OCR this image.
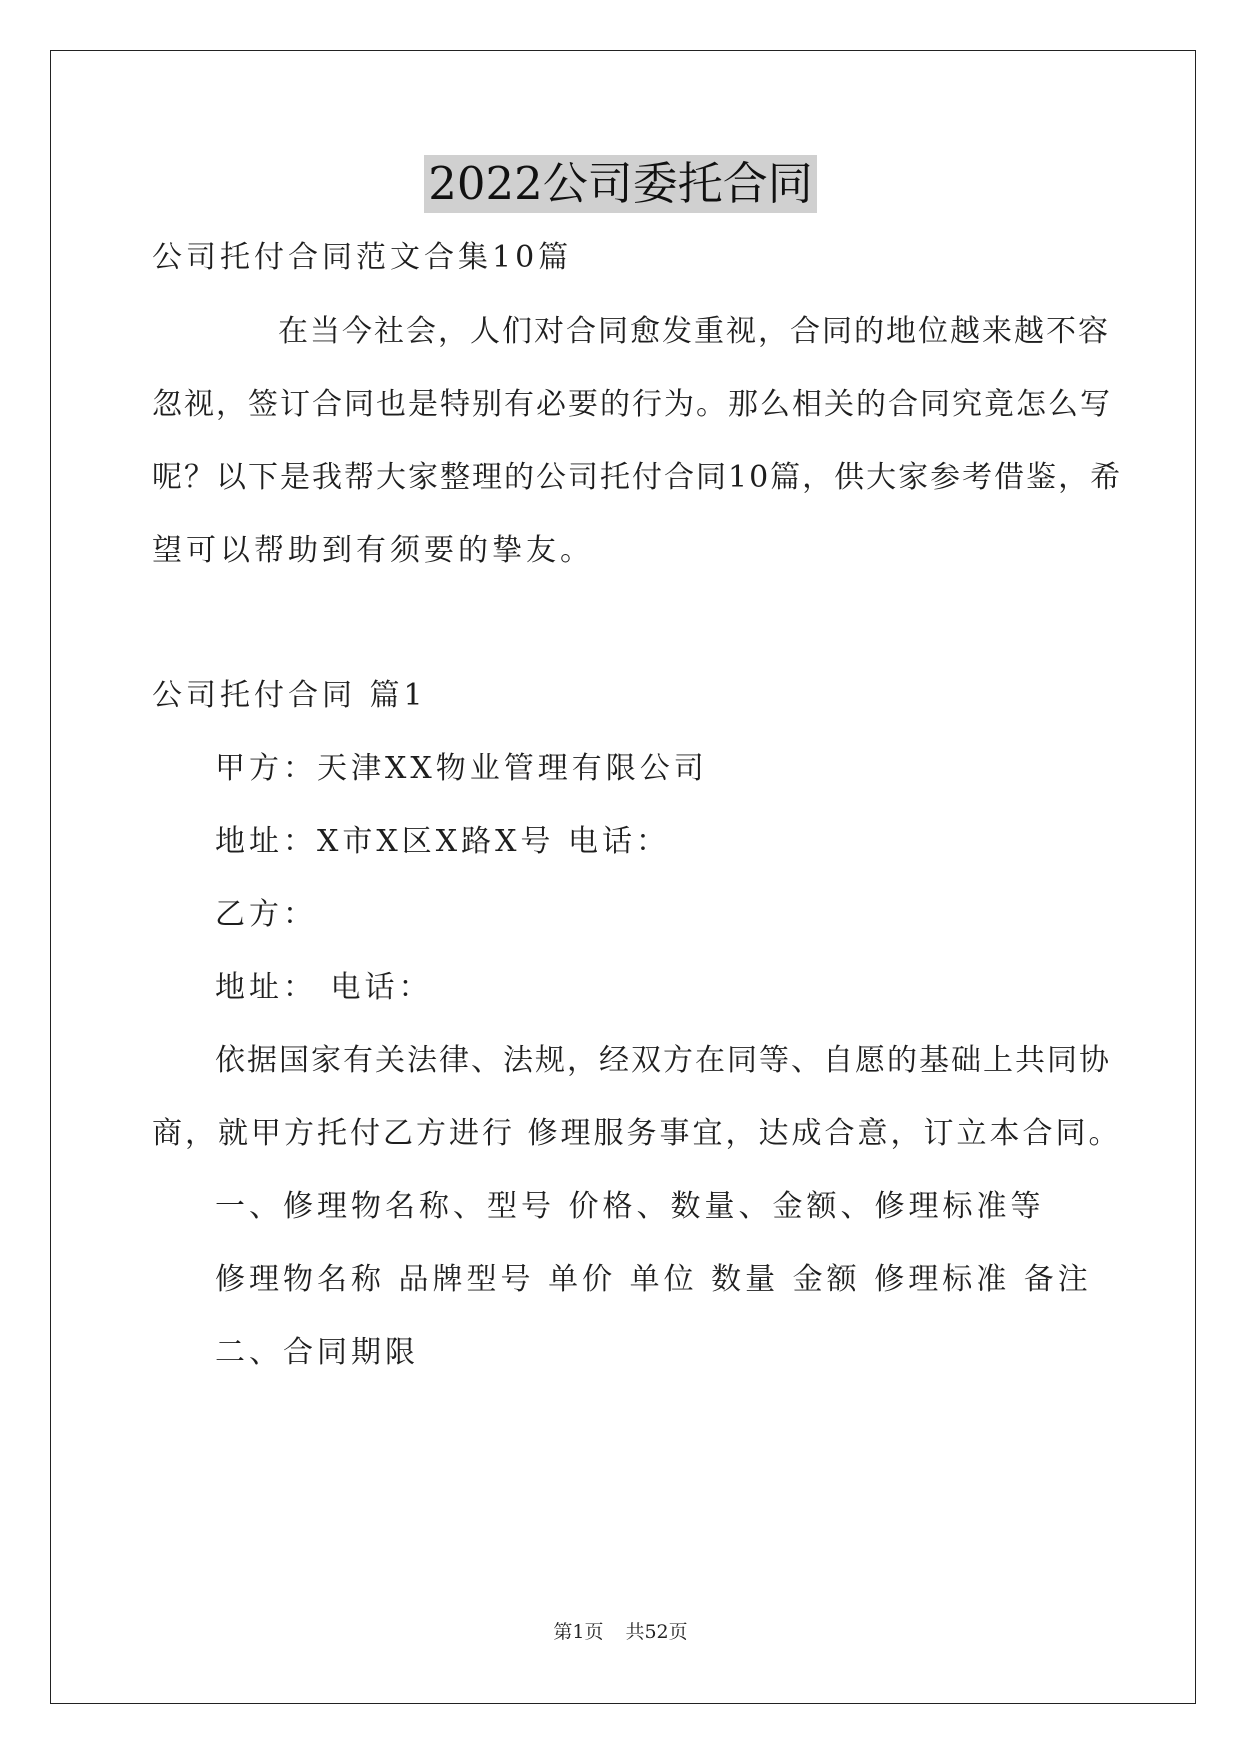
2022公司委托合同
公司托付合同范文合集10篇
在当今社会，人们对合同愈发重视，合同的地位越来越不容
忽视，签订合同也是特别有必要的行为。那么相关的合同究竟怎么写
呢？以下是我帮大家整理的公司托付合同10篇，供大家参考借鉴，希
望可以帮助到有须要的挚友。
公司托付合同 篇1
甲方：天津XX物业管理有限公司
地址：X市X区X路X号 电话：
乙方：
地址： 电话：
依据国家有关法律、法规，经双方在同等、自愿的基础上共同协
商，就甲方托付乙方进行 修理服务事宜，达成合意，订立本合同。
一、修理物名称、型号 价格、数量、金额、修理标准等
修理物名称 品牌型号 单价 单位 数量 金额 修理标准 备注
二、合同期限
第1页 共52页
